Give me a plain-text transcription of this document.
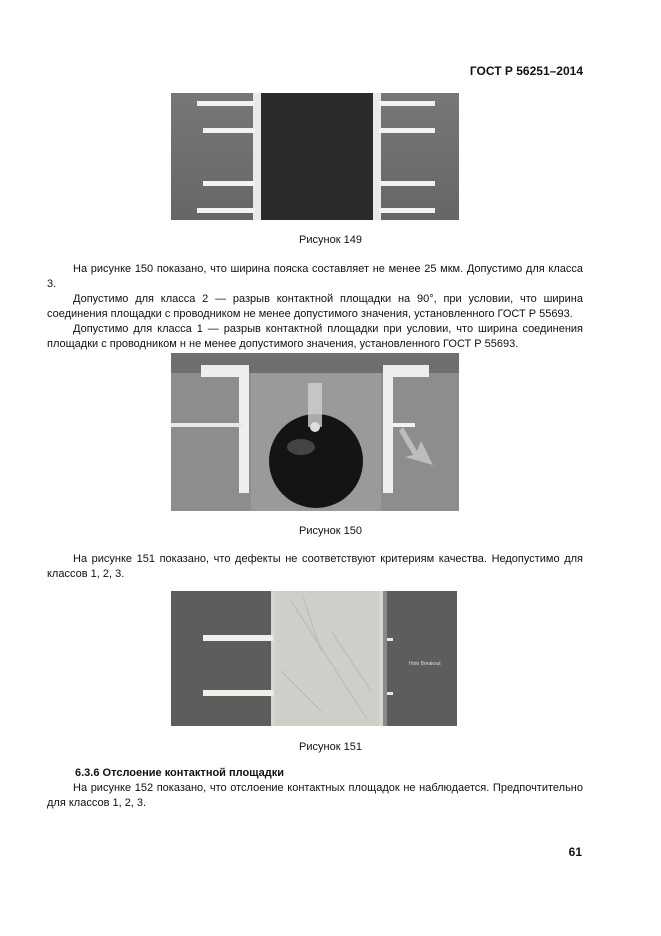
ГОСТ Р 56251–2014
Рисунок 149
На рисунке 150 показано, что ширина пояска составляет не менее 25 мкм. Допустимо для класса 3.
Допустимо для класса 2 — разрыв контактной площадки на 90°, при условии, что ширина соединения площадки с проводником не менее допустимого значения, установленного ГОСТ Р 55693.
Допустимо для класса 1 — разрыв контактной площадки при условии, что ширина соединения площадки с проводником н не менее допустимого значения, установленного ГОСТ Р 55693.
Рисунок 150
На рисунке 151 показано, что дефекты не соответствуют критериям качества. Недопустимо для классов 1, 2, 3.
Hole Breakout
Рисунок 151
6.3.6 Отслоение контактной площадки
На рисунке 152 показано, что отслоение контактных площадок не наблюдается. Предпочтительно для классов 1, 2, 3.
61
